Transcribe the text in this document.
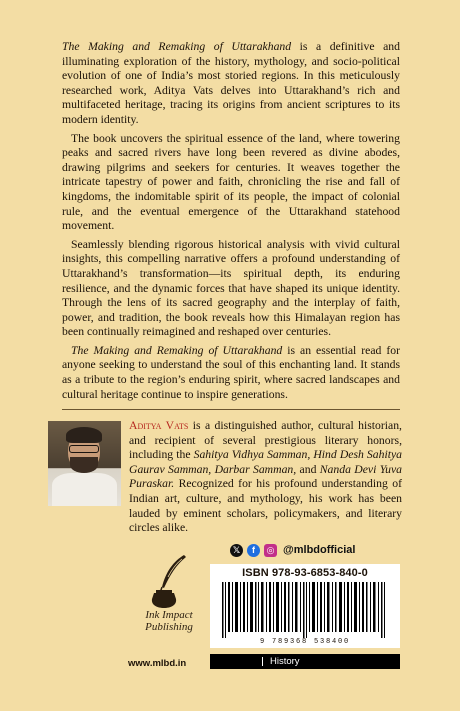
The Making and Remaking of Uttarakhand is a definitive and illuminating exploration of the history, mythology, and socio-political evolution of one of India’s most storied regions. In this meticulously researched work, Aditya Vats delves into Uttarakhand’s rich and multifaceted heritage, tracing its origins from ancient scriptures to its modern identity.

The book uncovers the spiritual essence of the land, where towering peaks and sacred rivers have long been revered as divine abodes, drawing pilgrims and seekers for centuries. It weaves together the intricate tapestry of power and faith, chronicling the rise and fall of kingdoms, the indomitable spirit of its people, the impact of colonial rule, and the eventual emergence of the Uttarakhand statehood movement.

Seamlessly blending rigorous historical analysis with vivid cultural insights, this compelling narrative offers a profound understanding of Uttarakhand’s transformation—its spiritual depth, its enduring resilience, and the dynamic forces that have shaped its unique identity. Through the lens of its sacred geography and the interplay of faith, power, and tradition, the book reveals how this Himalayan region has been continually reimagined and reshaped over centuries.

The Making and Remaking of Uttarakhand is an essential read for anyone seeking to understand the soul of this enchanting land. It stands as a tribute to the region’s enduring spirit, where sacred landscapes and cultural heritage continue to inspire generations.

Aditya Vats is a distinguished author, cultural historian, and recipient of several prestigious literary honors, including the Sahitya Vidhya Samman, Hind Desh Sahitya Gaurav Samman, Darbar Samman, and Nanda Devi Yuva Puraskar. Recognized for his profound understanding of Indian art, culture, and mythology, his work has been lauded by eminent scholars, policymakers, and literary circles alike.
𝕏	f	◎ @mlbdofficial
Ink Impact
Publishing
www.mlbd.in
ISBN 978-93-6853-840-0
9 789368 538400
History
